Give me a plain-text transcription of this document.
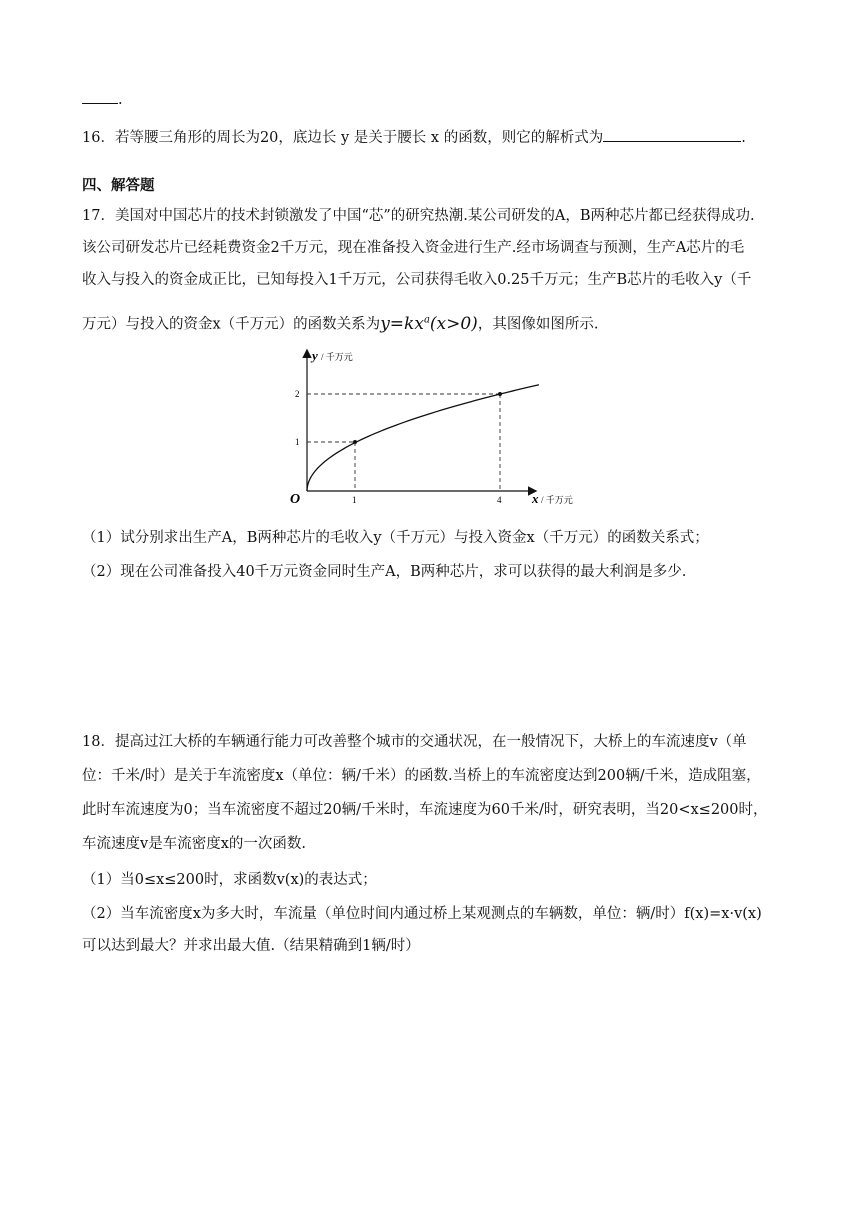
.
16．若等腰三角形的周长为20，底边长 y 是关于腰长 x 的函数，则它的解析式为	.
四、解答题
17．美国对中国芯片的技术封锁激发了中国“芯”的研究热潮.某公司研发的A，B两种芯片都已经获得成功.
该公司研发芯片已经耗费资金2千万元，现在准备投入资金进行生产.经市场调查与预测，生产A芯片的毛
收入与投入的资金成正比，已知每投入1千万元，公司获得毛收入0.25千万元；生产B芯片的毛收入y（千
万元）与投入的资金x（千万元）的函数关系为$y=kx^a(x>0)$，其图像如图所示.
y / 千万元
x / 千万元
O	1	4
1
2
（1）试分别求出生产A，B两种芯片的毛收入y（千万元）与投入资金x（千万元）的函数关系式；
（2）现在公司准备投入40千万元资金同时生产A，B两种芯片，求可以获得的最大利润是多少.
18．提高过江大桥的车辆通行能力可改善整个城市的交通状况，在一般情况下，大桥上的车流速度v（单
位：千米/时）是关于车流密度x（单位：辆/千米）的函数.当桥上的车流密度达到200辆/千米，造成阻塞，
此时车流速度为0；当车流密度不超过20辆/千米时，车流速度为60千米/时，研究表明，当20<x≤200时，
车流速度v是车流密度x的一次函数.
（1）当0≤x≤200时，求函数v(x)的表达式；
（2）当车流密度x为多大时，车流量（单位时间内通过桥上某观测点的车辆数，单位：辆/时）f(x)=x·v(x)
可以达到最大？并求出最大值.（结果精确到1辆/时）
